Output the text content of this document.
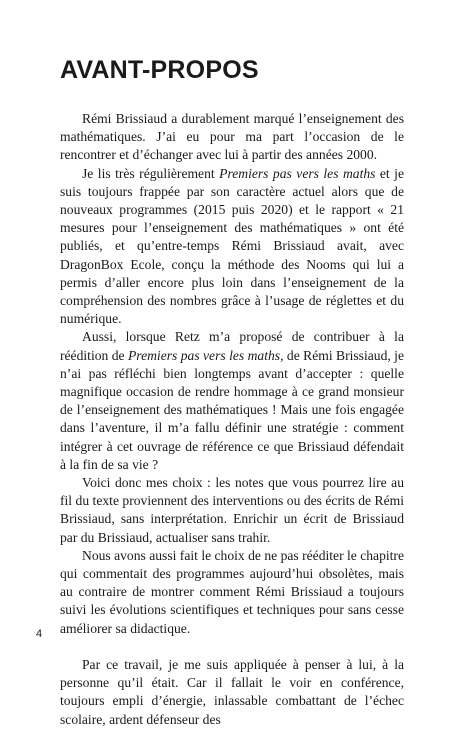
AVANT-PROPOS

Rémi Brissiaud a durablement marqué l’enseignement des mathématiques. J’ai eu pour ma part l’occasion de le rencontrer et d’échanger avec lui à partir des années 2000.

Je lis très régulièrement Premiers pas vers les maths et je suis toujours frappée par son caractère actuel alors que de nouveaux programmes (2015 puis 2020) et le rapport « 21 mesures pour l’enseignement des mathématiques » ont été publiés, et qu’entre-temps Rémi Brissiaud avait, avec DragonBox Ecole, conçu la méthode des Nooms qui lui a permis d’aller encore plus loin dans l’enseignement de la compréhension des nombres grâce à l’usage de réglettes et du numérique.

Aussi, lorsque Retz m’a proposé de contribuer à la réédition de Premiers pas vers les maths, de Rémi Brissiaud, je n’ai pas réfléchi bien longtemps avant d’accepter : quelle magnifique occasion de rendre hommage à ce grand monsieur de l’enseignement des mathématiques ! Mais une fois engagée dans l’aventure, il m’a fallu définir une stratégie : comment intégrer à cet ouvrage de référence ce que Brissiaud défendait à la fin de sa vie ?

Voici donc mes choix : les notes que vous pourrez lire au fil du texte proviennent des interventions ou des écrits de Rémi Brissiaud, sans interprétation. Enrichir un écrit de Brissiaud par du Brissiaud, actualiser sans trahir.

Nous avons aussi fait le choix de ne pas rééditer le chapitre qui commentait des programmes aujourd’hui obsolètes, mais au contraire de montrer comment Rémi Brissiaud a toujours suivi les évolutions scientifiques et techniques pour sans cesse améliorer sa didactique.

Par ce travail, je me suis appliquée à penser à lui, à la personne qu’il était. Car il fallait le voir en conférence, toujours empli d’énergie, inlassable combattant de l’échec scolaire, ardent défenseur des

4
